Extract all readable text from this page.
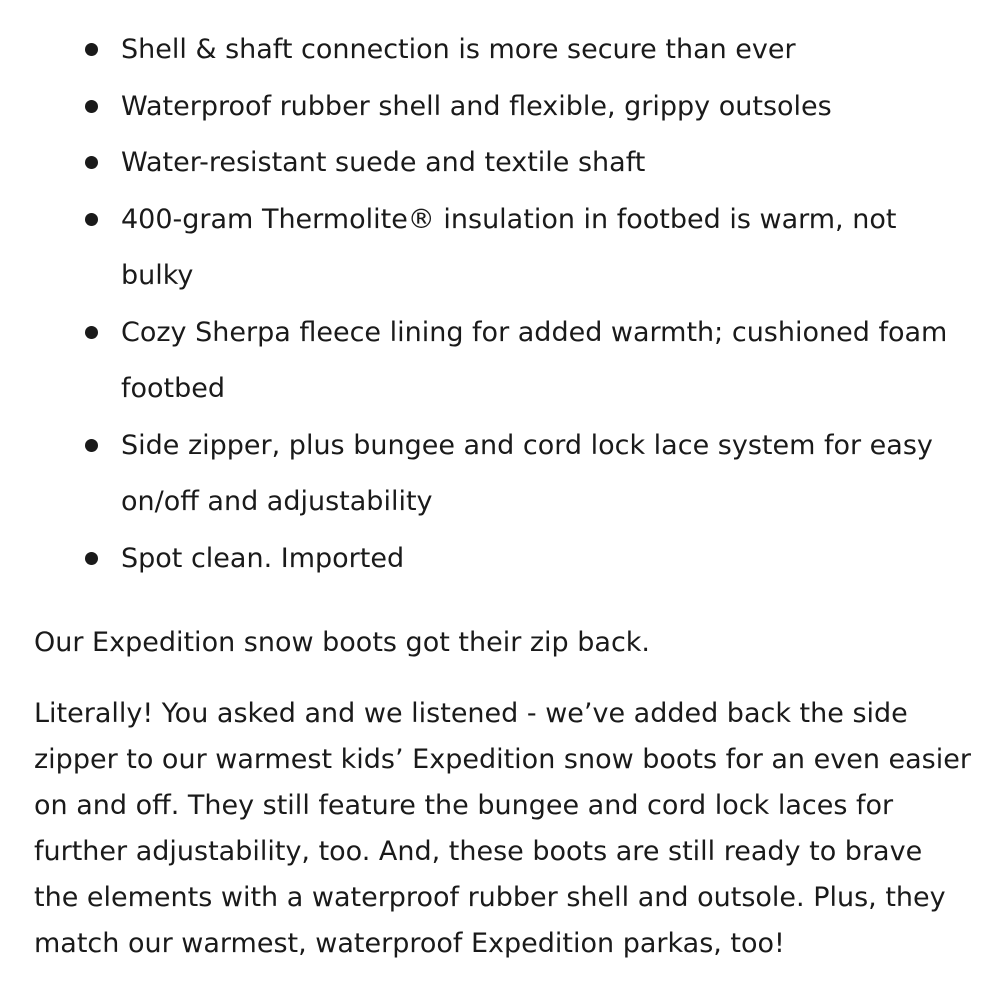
Shell & shaft connection is more secure than ever
Waterproof rubber shell and flexible, grippy outsoles
Water-resistant suede and textile shaft
400-gram Thermolite® insulation in footbed is warm, not bulky
Cozy Sherpa fleece lining for added warmth; cushioned foam footbed
Side zipper, plus bungee and cord lock lace system for easy on/off and adjustability
Spot clean. Imported

Our Expedition snow boots got their zip back.

Literally! You asked and we listened - we’ve added back the side zipper to our warmest kids’ Expedition snow boots for an even easier on and off. They still feature the bungee and cord lock laces for further adjustability, too. And, these boots are still ready to brave the elements with a waterproof rubber shell and outsole. Plus, they match our warmest, waterproof Expedition parkas, too!
